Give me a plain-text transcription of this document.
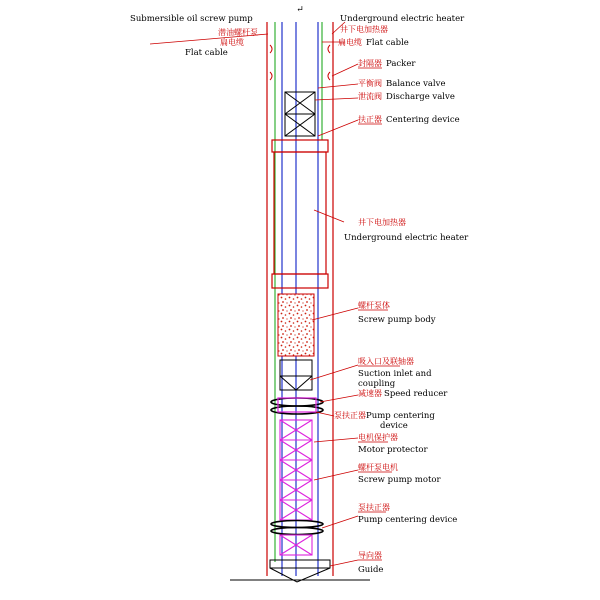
↵
Submersible oil screw pump
潜油螺杆泵
扁电缆
Flat cable
Underground electric heater
井下电加热器
扁电缆 Flat cable
封隔器 Packer
平衡阀 Balance valve
泄流阀 Discharge valve
扶正器 Centering device
井下电加热器
Underground electric heater
螺杆泵体
Screw pump body
吸入口及联轴器
Suction inlet and
coupling
减速器 Speed reducer
泵扶正器 Pump centering
device
电机保护器
Motor protector
螺杆泵电机
Screw pump motor
泵扶正器
Pump centering device
导向器
Guide
